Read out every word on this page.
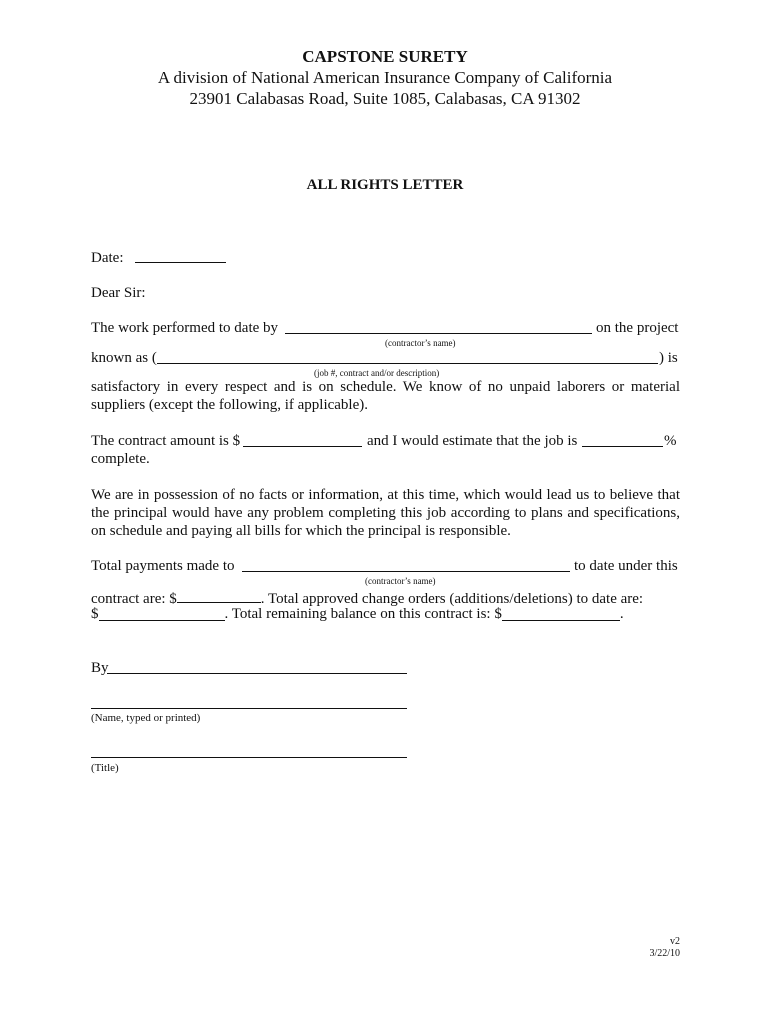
CAPSTONE SURETY
A division of National American Insurance Company of California
23901 Calabasas Road, Suite 1085, Calabasas, CA 91302
ALL RIGHTS LETTER
Date:
Dear Sir:
The work performed to date by	on the project
(contractor’s name)
known as (	) is
(job #, contract and/or description)
satisfactory in every respect and is on schedule. We know of no unpaid laborers or material
suppliers (except the following, if applicable).
The contract amount is $	and I would estimate that the job is	%
complete.
We are in possession of no facts or information, at this time, which would lead us to believe that
the principal would have any problem completing this job according to plans and specifications,
on schedule and paying all bills for which the principal is responsible.
Total payments made to	to date under this
(contractor’s name)
contract are: $	. Total approved change orders (additions/deletions) to date are:
$	. Total remaining balance on this contract is: $	.
By
(Name, typed or printed)
(Title)
v2
3/22/10
